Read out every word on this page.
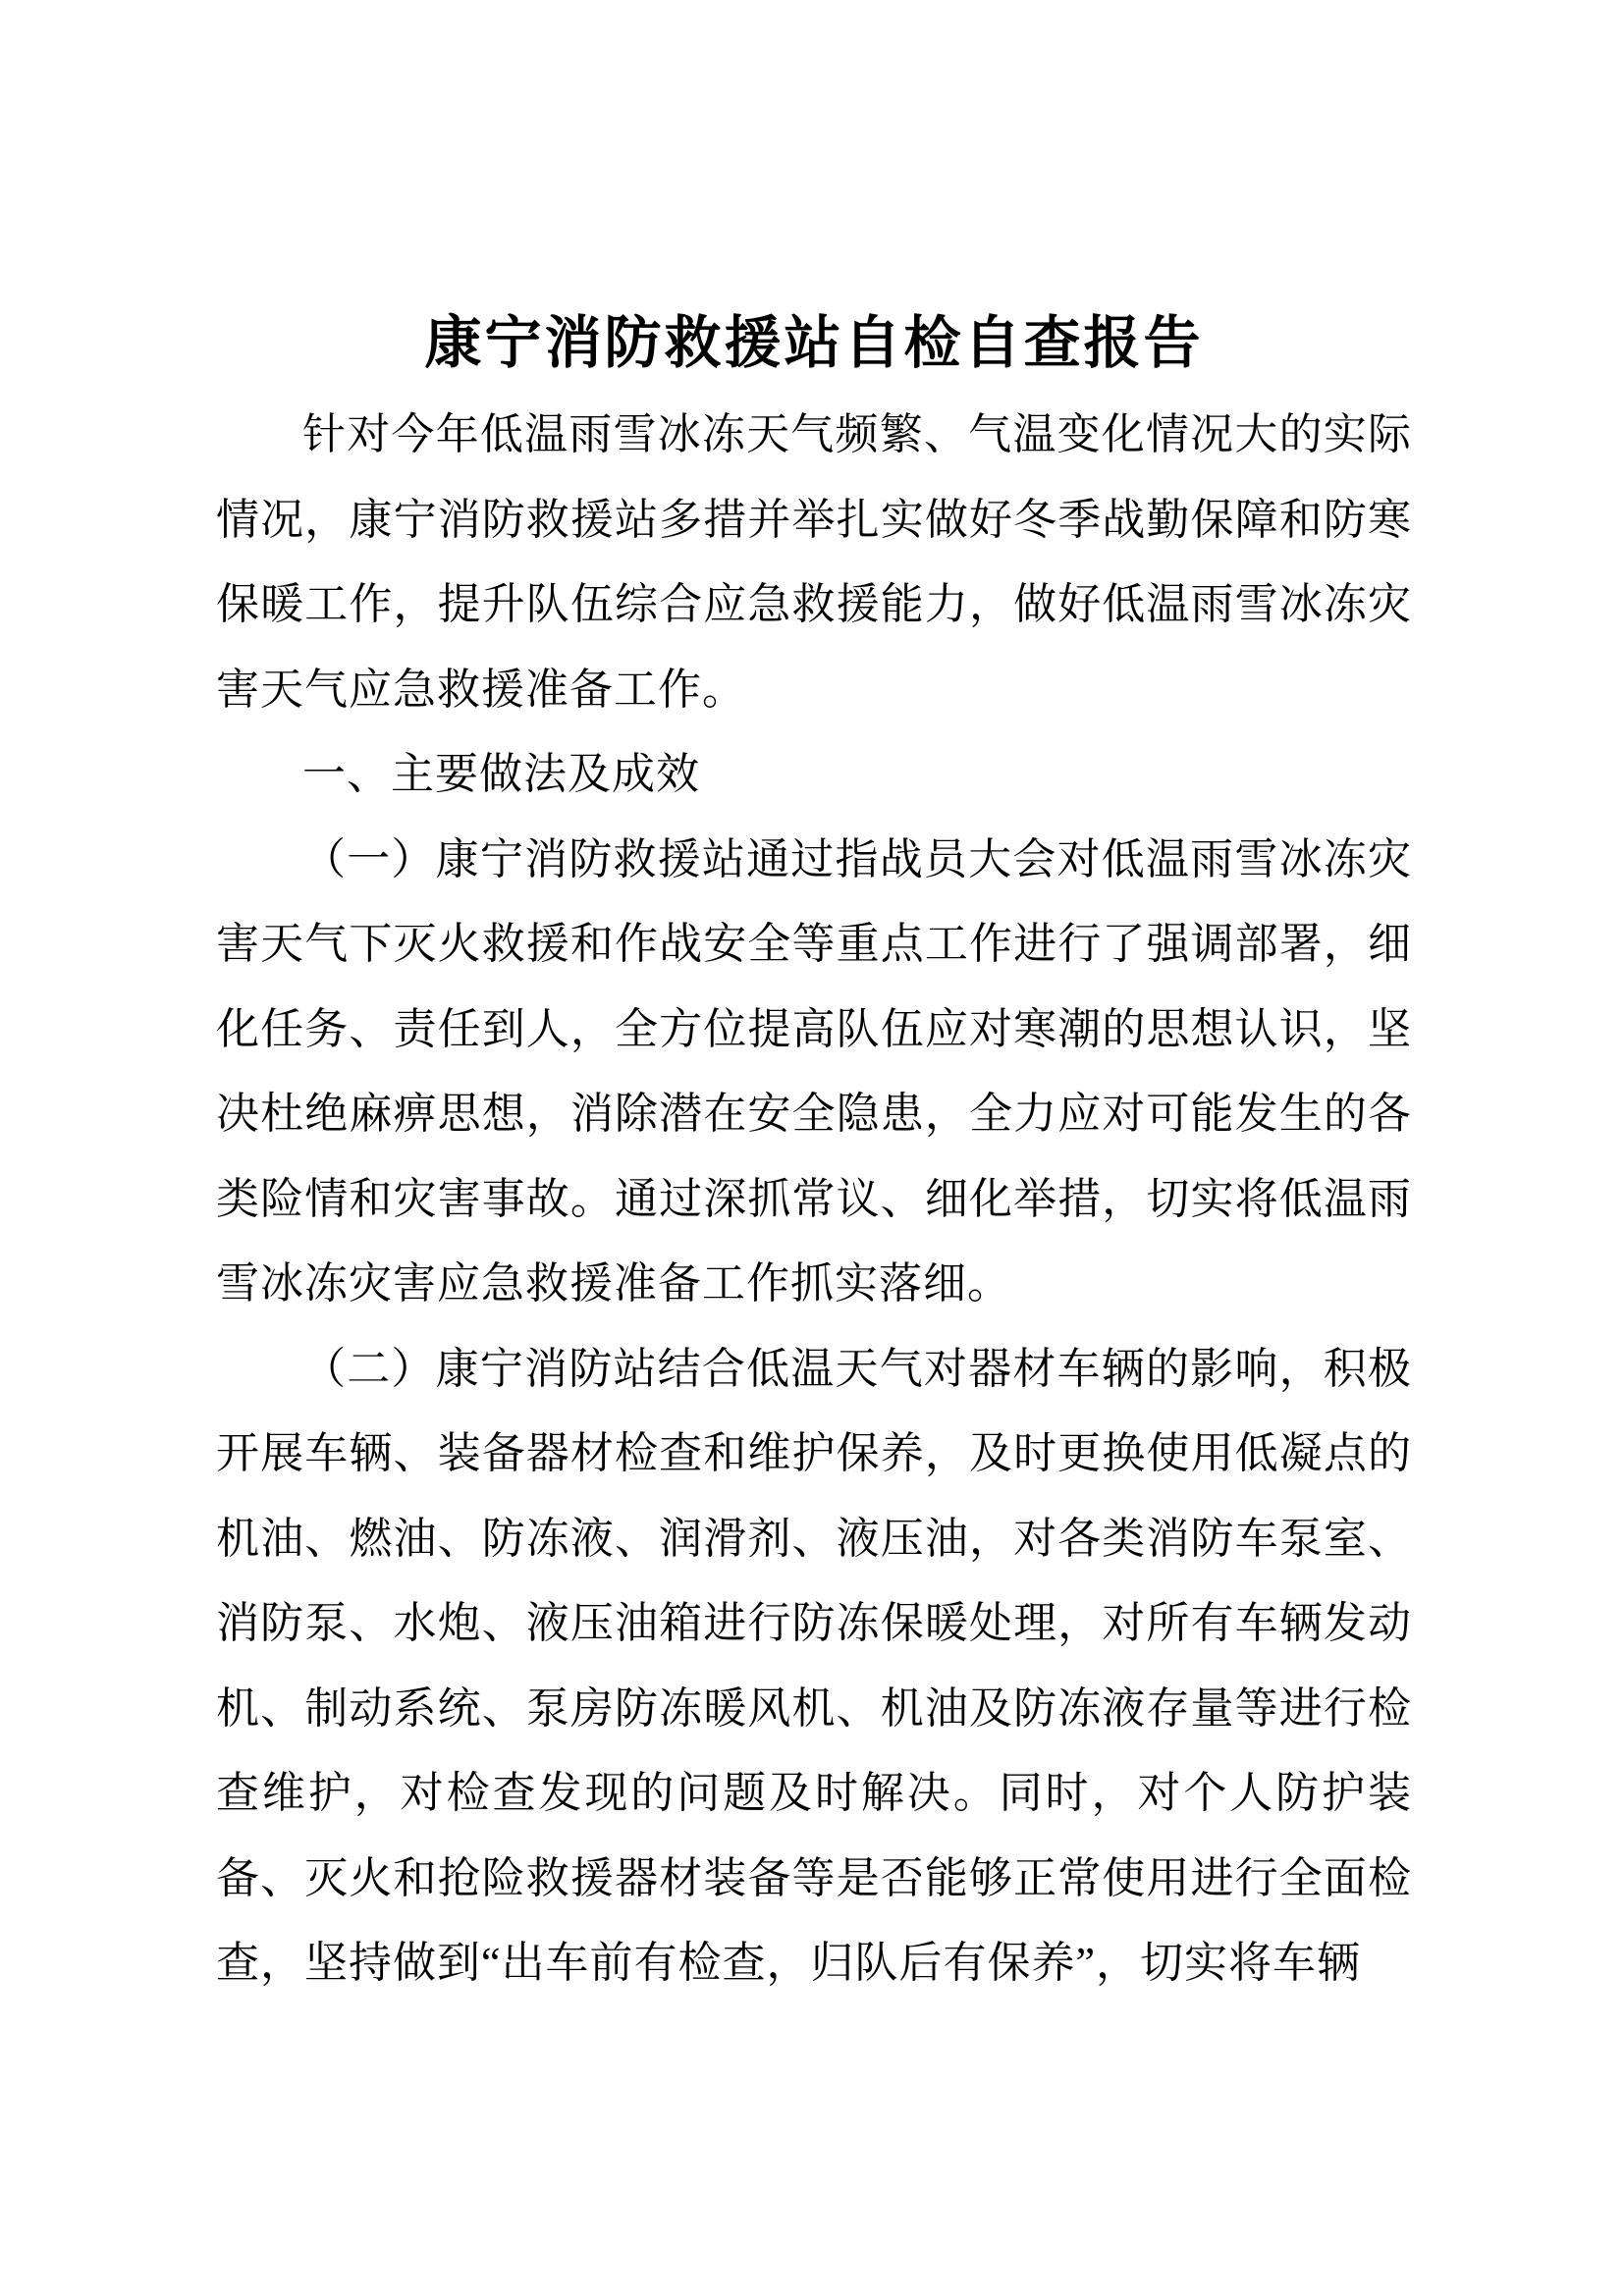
康宁消防救援站自检自查报告

针对今年低温雨雪冰冻天气频繁、气温变化情况大的实际情况，康宁消防救援站多措并举扎实做好冬季战勤保障和防寒保暖工作，提升队伍综合应急救援能力，做好低温雨雪冰冻灾害天气应急救援准备工作。

一、主要做法及成效

（一）康宁消防救援站通过指战员大会对低温雨雪冰冻灾害天气下灭火救援和作战安全等重点工作进行了强调部署，细化任务、责任到人，全方位提高队伍应对寒潮的思想认识，坚决杜绝麻痹思想，消除潜在安全隐患，全力应对可能发生的各类险情和灾害事故。通过深抓常议、细化举措，切实将低温雨雪冰冻灾害应急救援准备工作抓实落细。

（二）康宁消防站结合低温天气对器材车辆的影响，积极开展车辆、装备器材检查和维护保养，及时更换使用低凝点的机油、燃油、防冻液、润滑剂、液压油，对各类消防车泵室、消防泵、水炮、液压油箱进行防冻保暖处理，对所有车辆发动机、制动系统、泵房防冻暖风机、机油及防冻液存量等进行检查维护，对检查发现的问题及时解决。同时，对个人防护装备、灭火和抢险救援器材装备等是否能够正常使用进行全面检查，坚持做到“出车前有检查，归队后有保养”，切实将车辆
